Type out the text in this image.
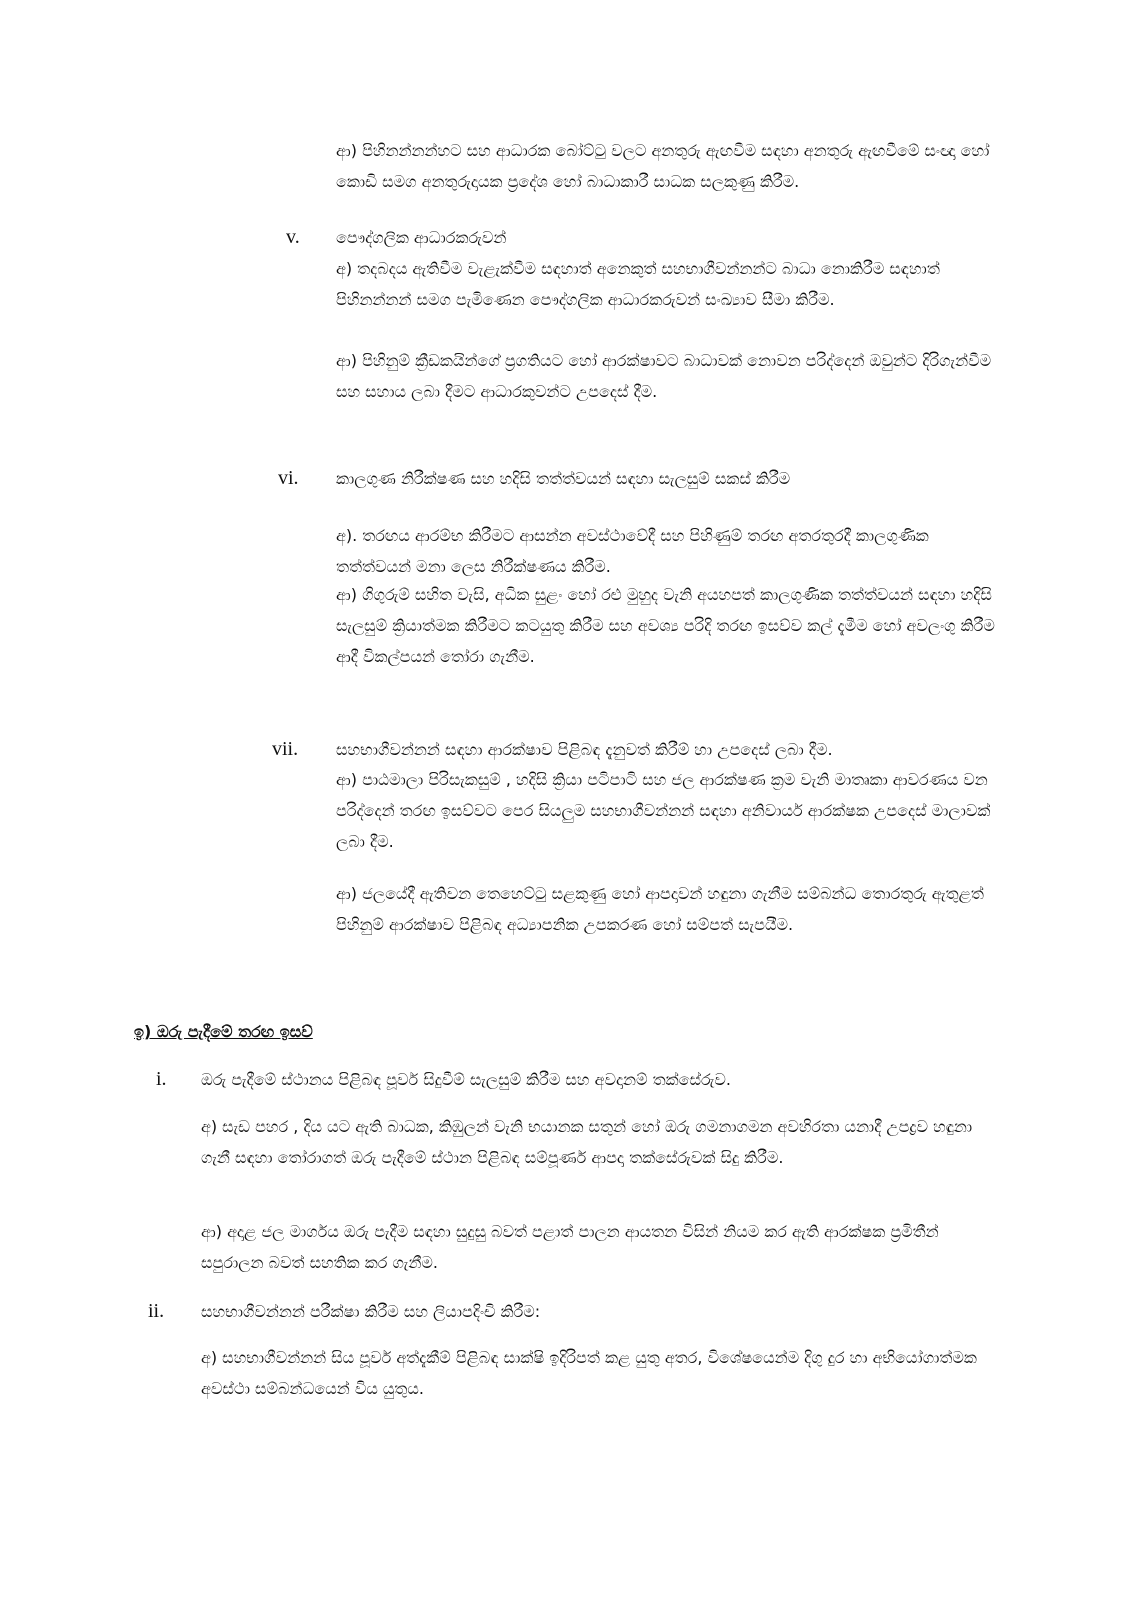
ආ) පිහිනන්නන්හට සහ ආධාරක බෝට්ටු වලට අනතුරු ඇඟවීම සඳහා අනතුරු ඇඟවීමේ සංඥා හෝ කොඩි සමග අනතුරුදායක ප්‍රදේශ හෝ බාධාකාරී සාධක සලකුණු කිරීම.

v. පෞද්ගලික ආධාරකරුවන්

අ) තදබදය ඇතිවීම වැළැක්වීම සඳහාත් අනෙකුත් සහභාගීවන්නන්ට බාධා නොකිරීම සඳහාත් පිහිනන්නන් සමග පැමිණෙන පෞද්ගලික ආධාරකරුවන් සංඛ්‍යාව සීමා කිරීම.

ආ) පිහිනුම් ක්‍රීඩකයින්ගේ ප්‍රගතියට හෝ ආරක්ෂාවට බාධාවක් නොවන පරිද්දෙන් ඔවුන්ට දිරිගැන්වීම සහ සහාය ලබා දීමට ආධාරකුවන්ට උපදෙස් දීම.

vi. කාලගුණ නිරීක්ෂණ සහ හදිසි තත්ත්වයන් සඳහා සැලසුම් සකස් කිරීම

අ). තරඟය ආරම්භ කිරීමට ආසන්න අවස්ථාවේදී සහ පිහිණුම් තරඟ අතරතුරදී කාලගුණික තත්ත්වයන් මනා ලෙස නිරීක්ෂණය කිරීම.

ආ) ගිගුරුම් සහිත වැසි, අධික සුළං හෝ රළු මුහුද වැනි අයහපත් කාලගුණික තත්ත්වයන් සඳහා හදිසි සැලසුම් ක්‍රියාත්මක කිරීමට කටයුතු කිරීම සහ අවශ්‍ය පරිදි තරඟ ඉසව්ව කල් දැමීම හෝ අවලංගු කිරීම ආදී විකල්පයන් තෝරා ගැනීම.

vii. සහභාගීවන්නන් සඳහා ආරක්ෂාව පිළිබඳ දැනුවත් කිරීම් හා උපදෙස් ලබා දීම.

ආ) පාඨමාලා පිරිසැකසුම් , හදිසි ක්‍රියා පටිපාටි සහ ජල ආරක්ෂණ ක්‍රම වැනි මාතෘකා ආවරණය වන පරිද්දෙන් තරඟ ඉසව්වට පෙර සියලුම සහභාගීවන්නන් සඳහා අනිවාර්ය ආරක්ෂක උපදෙස් මාලාවක් ලබා දීම.

ආ) ජලයේදී ඇතිවන තෙහෙට්ටු සළකුණු හෝ ආපදාවන් හඳුනා ගැනීම සම්බන්ධ තොරතුරු ඇතුළත් පිහිනුම් ආරක්ෂාව පිළිබඳ අධ්‍යාපනික උපකරණ හෝ සම්පත් සැපයීම.

ඉ) ඔරු පැදීමේ තරඟ ඉසව්

i. ඔරු පැදීමේ ස්ථානය පිළිබඳ පූර්ව සිදුවීම් සැලසුම් කිරීම සහ අවදානම් තක්සේරුව.

අ) සැඩ පහර , දිය යට ඇති බාධක, කිඹුලන් වැනි භයානක සතුන් හෝ ඔරු ගමනාගමන අවහිරතා යනාදී උපද්‍රව හඳුනා ගැනී සඳහා තෝරාගත් ඔරු පැදීමේ ස්ථාන පිළිබඳ සම්පූර්ණ ආපදා තක්සේරුවක් සිදු කිරීම.

ආ) අදාළ ජල මාර්ගය ඔරු පැදීම සඳහා සුදුසු බවත් පළාත් පාලන ආයතන විසින් නියම කර ඇති ආරක්ෂක ප්‍රමිතීන් සපුරාලන බවත් සහතික කර ගැනීම.

ii. සහභාගීවන්නන් පරීක්ෂා කිරීම සහ ලියාපදිංචි කිරීම:

අ) සහභාගීවන්නන් සිය පූර්ව අත්දැකීම් පිළිබඳ සාක්ෂි ඉදිරිපත් කළ යුතු අතර, විශේෂයෙන්ම දිගු දුර හා අභියෝගාත්මක අවස්ථා සම්බන්ධයෙන් විය යුතුය.
